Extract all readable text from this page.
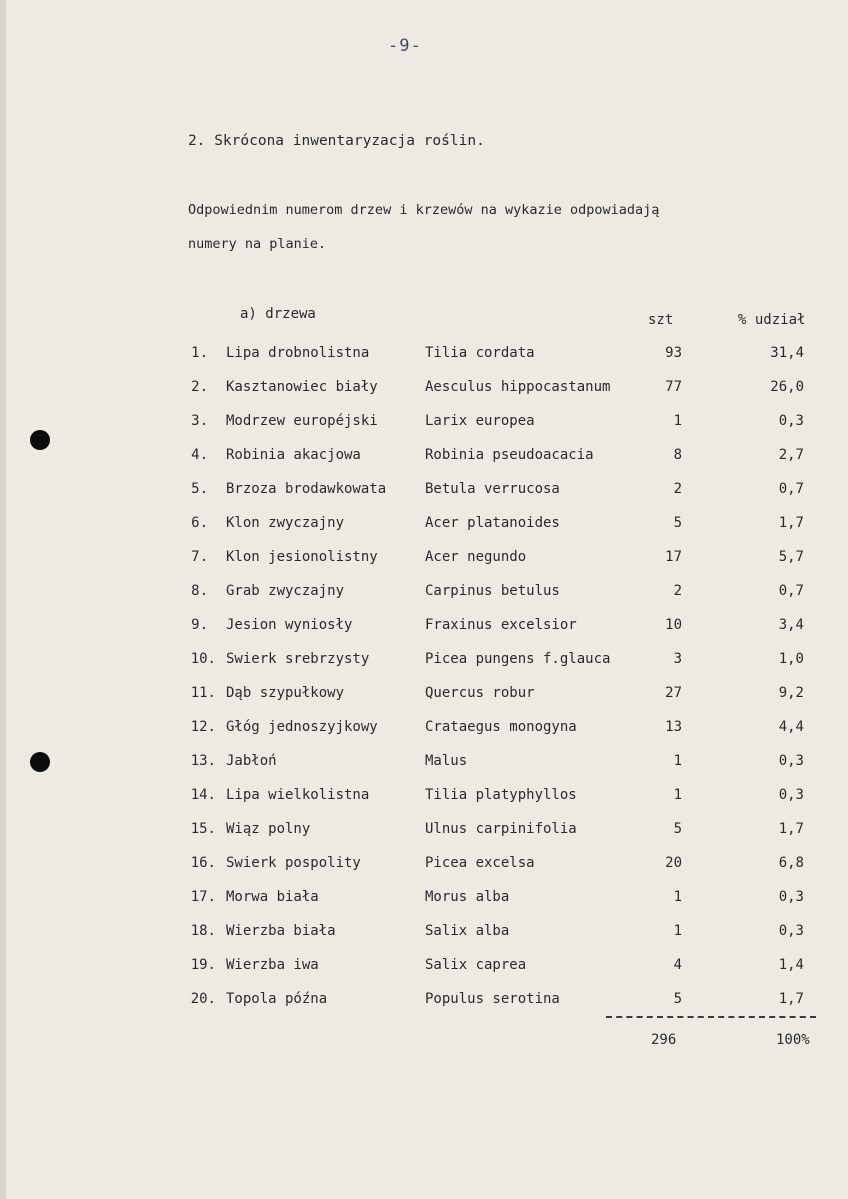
-9-
2. Skrócona inwentaryzacja roślin.
Odpowiednim numerom drzew i krzewów na wykazie odpowiadają
numery na planie.
a) drzewa	szt	% udział
1. Lipa drobnolistna	Tilia cordata	93	31,4
2. Kasztanowiec biały	Aesculus hippocastanum	77	26,0
3. Modrzew européjski	Larix europea	1	0,3
4. Robinia akacjowa	Robinia pseudoacacia	8	2,7
5. Brzoza brodawkowata	Betula verrucosa	2	0,7
6. Klon zwyczajny	Acer platanoides	5	1,7
7. Klon jesionolistny	Acer negundo	17	5,7
8. Grab zwyczajny	Carpinus betulus	2	0,7
9. Jesion wyniosły	Fraxinus excelsior	10	3,4
10. Swierk srebrzysty	Picea pungens f.glauca	3	1,0
11. Dąb szypułkowy	Quercus robur	27	9,2
12. Głóg jednoszyjkowy	Crataegus monogyna	13	4,4
13. Jabłoń	Malus	1	0,3
14. Lipa wielkolistna	Tilia platyphyllos	1	0,3
15. Wiąz polny	Ulnus carpinifolia	5	1,7
16. Swierk pospolity	Picea excelsa	20	6,8
17. Morwa biała	Morus alba	1	0,3
18. Wierzba biała	Salix alba	1	0,3
19. Wierzba iwa	Salix caprea	4	1,4
20. Topola późna	Populus serotina	5	1,7
296	100%
